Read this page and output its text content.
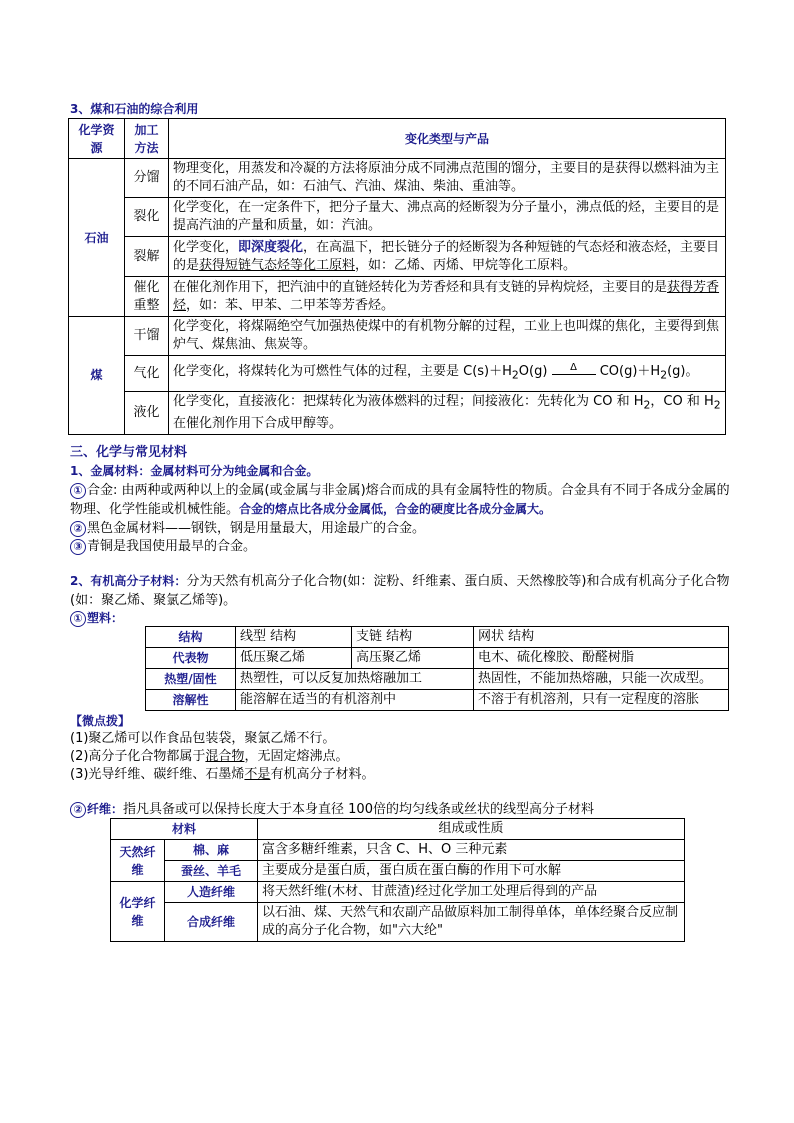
3、煤和石油的综合利用
化学资源	加工方法	变化类型与产品
石油	分馏	物理变化，用蒸发和冷凝的方法将原油分成不同沸点范围的馏分，主要目的是获得以燃料油为主的不同石油产品，如：石油气、汽油、煤油、柴油、重油等。
	裂化	化学变化，在一定条件下，把分子量大、沸点高的烃断裂为分子量小，沸点低的烃，主要目的是提高汽油的产量和质量，如：汽油。
	裂解	化学变化，即深度裂化，在高温下，把长链分子的烃断裂为各种短链的气态烃和液态烃，主要目的是获得短链气态烃等化工原料，如：乙烯、丙烯、甲烷等化工原料。
	催化重整	在催化剂作用下，把汽油中的直链烃转化为芳香烃和具有支链的异构烷烃，主要目的是获得芳香烃，如：苯、甲苯、二甲苯等芳香烃。
煤	干馏	化学变化，将煤隔绝空气加强热使煤中的有机物分解的过程，工业上也叫煤的焦化，主要得到焦炉气、煤焦油、焦炭等。
	气化	化学变化，将煤转化为可燃性气体的过程，主要是 $C(s)+H_2O(g)$ Δ $CO(g)+H_2(g)$。
	液化	化学变化，直接液化：把煤转化为液体燃料的过程；间接液化：先转化为 CO 和 $H_2$，CO 和 $H_2$ 在催化剂作用下合成甲醇等。
三、化学与常见材料
1、金属材料：金属材料可分为纯金属和合金。
① 合金: 由两种或两种以上的金属(或金属与非金属)熔合而成的具有金属特性的物质。合金具有不同于各成分金属的物理、化学性能或机械性能。合金的熔点比各成分金属低，合金的硬度比各成分金属大。
② 黑色金属材料——钢铁，钢是用量最大，用途最广的合金。
③ 青铜是我国使用最早的合金。
2、有机高分子材料：分为天然有机高分子化合物(如：淀粉、纤维素、蛋白质、天然橡胶等)和合成有机高分子化合物(如：聚乙烯、聚氯乙烯等)。
① 塑料：
结构	线型 结构	支链 结构	网状 结构
代表物	低压聚乙烯	高压聚乙烯	电木、硫化橡胶、酚醛树脂
热塑/固性	热塑性，可以反复加热熔融加工		热固性，不能加热熔融，只能一次成型。
溶解性	能溶解在适当的有机溶剂中		不溶于有机溶剂，只有一定程度的溶胀
【微点拨】
(1)聚乙烯可以作食品包装袋，聚氯乙烯不行。
(2)高分子化合物都属于混合物，无固定熔沸点。
(3)光导纤维、碳纤维、石墨烯不是有机高分子材料。
② 纤维：指凡具备或可以保持长度大于本身直径 100倍的均匀线条或丝状的线型高分子材料
材料		组成或性质
天然纤维	棉、麻	富含多糖纤维素，只含 C、H、O 三种元素
	蚕丝、羊毛	主要成分是蛋白质，蛋白质在蛋白酶的作用下可水解
化学纤维	人造纤维	将天然纤维(木材、甘蔗渣)经过化学加工处理后得到的产品
	合成纤维	以石油、煤、天然气和农副产品做原料加工制得单体，单体经聚合反应制成的高分子化合物，如"六大纶"
